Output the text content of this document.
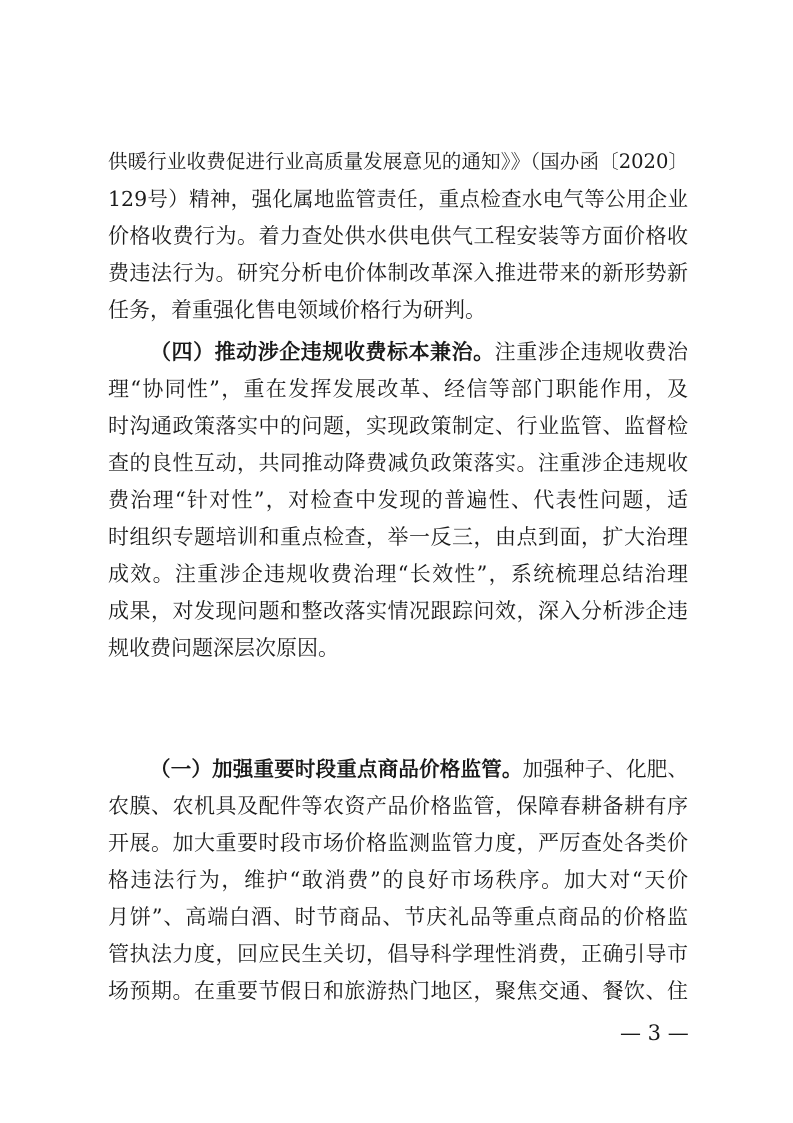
供暖行业收费促进行业高质量发展意见的通知》》（国办函〔2020〕
129号）精神，强化属地监管责任，重点检查水电气等公用企业
价格收费行为。着力查处供水供电供气工程安装等方面价格收
费违法行为。研究分析电价体制改革深入推进带来的新形势新
任务，着重强化售电领域价格行为研判。
（四）推动涉企违规收费标本兼治。注重涉企违规收费治
理“协同性”，重在发挥发展改革、经信等部门职能作用，及
时沟通政策落实中的问题，实现政策制定、行业监管、监督检
查的良性互动，共同推动降费减负政策落实。注重涉企违规收
费治理“针对性”，对检查中发现的普遍性、代表性问题，适
时组织专题培训和重点检查，举一反三，由点到面，扩大治理
成效。注重涉企违规收费治理“长效性”，系统梳理总结治理
成果，对发现问题和整改落实情况跟踪问效，深入分析涉企违
规收费问题深层次原因。
（一）加强重要时段重点商品价格监管。加强种子、化肥、
农膜、农机具及配件等农资产品价格监管，保障春耕备耕有序
开展。加大重要时段市场价格监测监管力度，严厉查处各类价
格违法行为，维护“敢消费”的良好市场秩序。加大对“天价
月饼”、高端白酒、时节商品、节庆礼品等重点商品的价格监
管执法力度，回应民生关切，倡导科学理性消费，正确引导市
场预期。在重要节假日和旅游热门地区，聚焦交通、餐饮、住
— 3 —
